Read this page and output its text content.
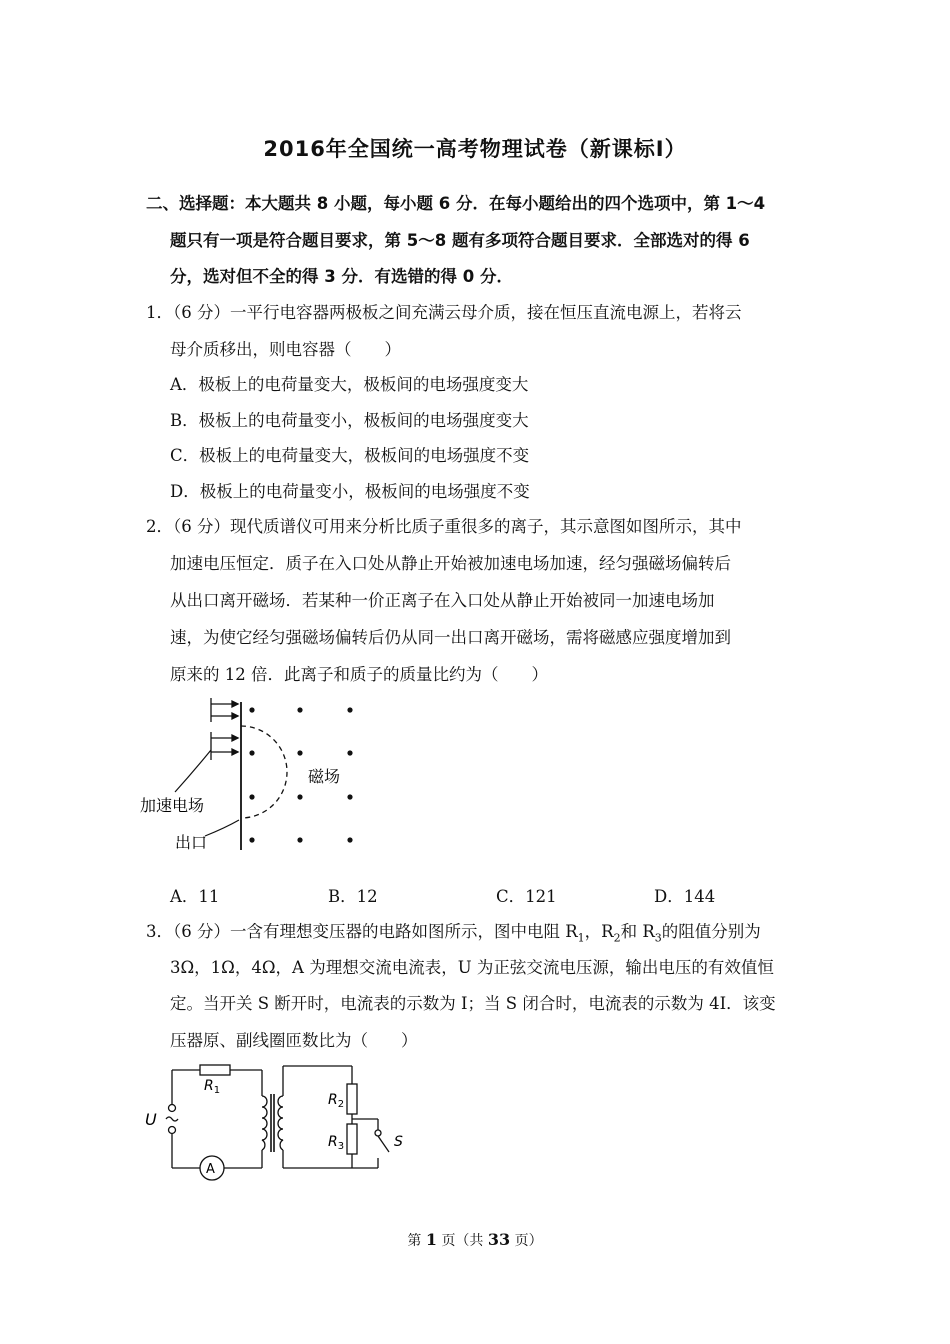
2016年全国统一高考物理试卷（新课标Ⅰ）
二、选择题：本大题共 8 小题，每小题 6 分．在每小题给出的四个选项中，第 1～4
题只有一项是符合题目要求，第 5～8 题有多项符合题目要求．全部选对的得 6
分，选对但不全的得 3 分．有选错的得 0 分．
1．（6 分）一平行电容器两极板之间充满云母介质，接在恒压直流电源上，若将云
母介质移出，则电容器（　　）
A．极板上的电荷量变大，极板间的电场强度变大
B．极板上的电荷量变小，极板间的电场强度变大
C．极板上的电荷量变大，极板间的电场强度不变
D．极板上的电荷量变小，极板间的电场强度不变
2．（6 分）现代质谱仪可用来分析比质子重很多的离子，其示意图如图所示，其中
加速电压恒定．质子在入口处从静止开始被加速电场加速，经匀强磁场偏转后
从出口离开磁场．若某种一价正离子在入口处从静止开始被同一加速电场加
速，为使它经匀强磁场偏转后仍从同一出口离开磁场，需将磁感应强度增加到
原来的 12 倍．此离子和质子的质量比约为（　　）
磁场
加速电场
出口
A．11	B．12	C．121	D．144
3．（6 分）一含有理想变压器的电路如图所示，图中电阻 $R_1$，$R_2$和 $R_3$的阻值分别为
3Ω，1Ω，4Ω，A 为理想交流电流表，U 为正弦交流电压源，输出电压的有效值恒
定。当开关 S 断开时，电流表的示数为 I；当 S 闭合时，电流表的示数为 4I．该变
压器原、副线圈匝数比为（　　）
$R_1$
$R_2$
$R_3$
U
A
S
第 1 页（共 33 页）
